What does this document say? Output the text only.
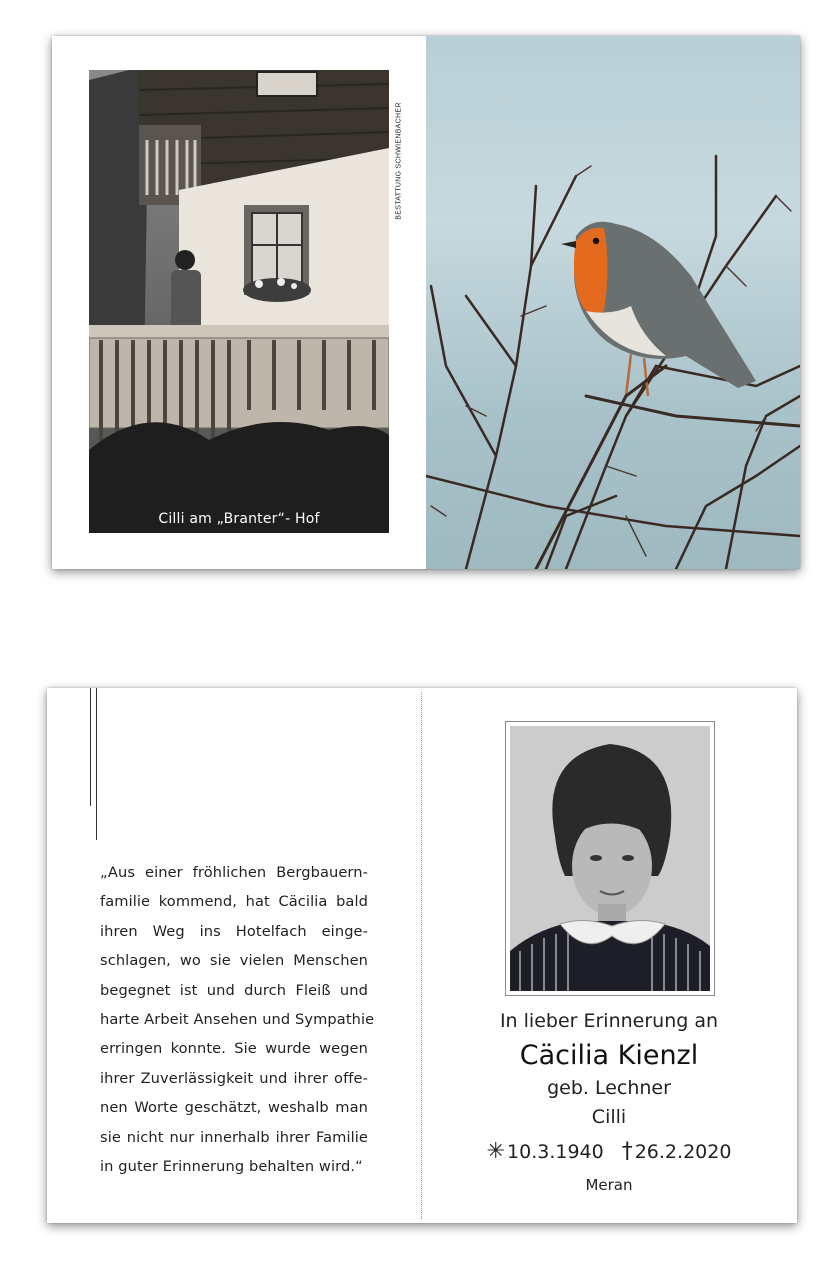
Cilli am „Branter“- Hof
BESTATTUNG SCHWIENBACHER
„Aus einer fröhlichen Bergbauern-
familie kommend, hat Cäcilia bald
ihren Weg ins Hotelfach einge-
schlagen, wo sie vielen Menschen
begegnet ist und durch Fleiß und
harte Arbeit Ansehen und Sympathie
erringen konnte. Sie wurde wegen
ihrer Zuverlässigkeit und ihrer offe-
nen Worte geschätzt, weshalb man
sie nicht nur innerhalb ihrer Familie
in guter Erinnerung behalten wird.“
In lieber Erinnerung an
Cäcilia Kienzl
geb. Lechner
Cilli
✳ 10.3.1940 † 26.2.2020
Meran
